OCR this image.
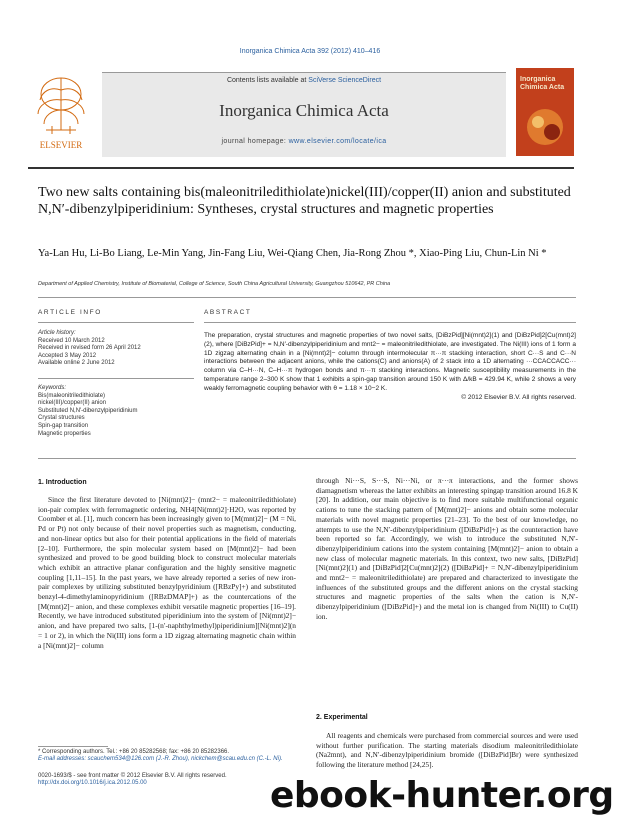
Inorganica Chimica Acta 392 (2012) 410–416
ELSEVIER
Contents lists available at SciVerse ScienceDirect
Inorganica Chimica Acta
journal homepage: www.elsevier.com/locate/ica
Inorganica
Chimica Acta
Two new salts containing bis(maleonitriledithiolate)nickel(III)/copper(II) anion and substituted N,N′-dibenzylpiperidinium: Syntheses, crystal structures and magnetic properties
Ya-Lan Hu, Li-Bo Liang, Le-Min Yang, Jin-Fang Liu, Wei-Qiang Chen, Jia-Rong Zhou *, Xiao-Ping Liu, Chun-Lin Ni *
Department of Applied Chemistry, Institute of Biomaterial, College of Science, South China Agricultural University, Guangzhou 510642, PR China
ARTICLE INFO	ABSTRACT
Article history:
Received 10 March 2012
Received in revised form 26 April 2012
Accepted 3 May 2012
Available online 2 June 2012
Keywords:
Bis(maleonitriledithiolate)
nickel(III)/copper(II) anion
Substituted N,N′-dibenzylpiperidinium
Crystal structures
Spin-gap transition
Magnetic properties
The preparation, crystal structures and magnetic properties of two novel salts, [DiBzPid][Ni(mnt)2](1) and [DiBzPid]2[Cu(mnt)2](2), where [DiBzPid]+ = N,N′-dibenzylpiperidinium and mnt2− = maleonitriledithiolate, are investigated. The Ni(III) ions of 1 form a 1D zigzag alternating chain in a [Ni(mnt)2]− column through intermolecular π···π stacking interaction, short C···S and C···N interactions between the adjacent anions, while the cations(C) and anions(A) of 2 stack into a 1D alternating ···CCACCACC··· column via C–H···N, C–H···π hydrogen bonds and π···π stacking interactions. Magnetic susceptibility measurements in the temperature range 2–300 K show that 1 exhibits a spin-gap transition around 150 K with Δ/kB = 429.94 K, while 2 shows a very weakly ferromagnetic coupling behavior with θ = 1.18 × 10−2 K.
© 2012 Elsevier B.V. All rights reserved.
1. Introduction
Since the first literature devoted to [Ni(mnt)2]− (mnt2− = maleonitriledithiolate) ion-pair complex with ferromagnetic ordering, NH4[Ni(mnt)2]·H2O, was reported by Coomber et al. [1], much concern has been increasingly given to [M(mnt)2]− (M = Ni, Pd or Pt) not only because of their novel properties such as magnetism, conducting, and non-linear optics but also for their potential applications in the field of materials [2–10]. Furthermore, the spin molecular system based on [M(mnt)2]− had been synthesized and proved to be good building block to construct molecular materials which exhibit an attractive planar configuration and the highly sensitive magnetic coupling [1,11–15]. In the past years, we have already reported a series of new iron-pair complexes by utilizing substituted benzylpyridinium ([RBzPy]+) and substituted benzyl-4-dimethylaminopyridinium ([RBzDMAP]+) as the countercations of the [M(mnt)2]− anion, and these complexes exhibit versatile magnetic properties [16–19]. Recently, we have introduced substituted piperidinium into the system of [Ni(mnt)2]− anion, and have prepared two salts, [1-(n′-naphthylmethyl)piperidinium][Ni(mnt)2](n = 1 or 2), in which the Ni(III) ions form a 1D zigzag alternating magnetic chain within a [Ni(mnt)2]− column
through Ni···S, S···S, Ni···Ni, or π···π interactions, and the former shows diamagnetism whereas the latter exhibits an interesting spingap transition around 16.8 K [20]. In addition, our main objective is to find more suitable multifunctional organic cations to tune the stacking pattern of [M(mnt)2]− anions and obtain some molecular materials with novel magnetic properties [21–23]. To the best of our knowledge, no attempts to use the N,N′-dibenzylpiperidinium ([DiBzPid]+) as the counteraction have been reported so far. Accordingly, we wish to introduce the substituted N,N′-dibenzylpiperidinium cations into the system containing [M(mnt)2]− anion to obtain a new class of molecular magnetic materials. In this context, two new salts, [DiBzPid][Ni(mnt)2](1) and [DiBzPid]2[Cu(mnt)2](2) ([DiBzPid]+ = N,N′-dibenzylpiperidinium and mnt2− = maleonitriledithiolate) are prepared and characterized to investigate the influences of the substituted groups and the different anions on the crystal stacking structures and magnetic properties of the salts when the cation is N,N′-dibenzylpiperidinium ([DiBzPid]+) and the metal ion is changed from Ni(III) to Cu(II) ion.
2. Experimental
All reagents and chemicals were purchased from commercial sources and were used without further purification. The starting materials disodium maleonitriledithiolate (Na2mnt), and N,N′-dibenzylpiperidinium bromide ([DiBzPid]Br) were synthesized following the literature method [24,25].
* Corresponding authors. Tel.: +86 20 85282568; fax: +86 20 85282366.
E-mail addresses: scauchem534@126.com (J.-R. Zhou), nickchem@scau.edu.cn (C.-L. Ni).
0020-1693/$ - see front matter © 2012 Elsevier B.V. All rights reserved.
http://dx.doi.org/10.1016/j.ica.2012.05.00	ebook-hunter.org
